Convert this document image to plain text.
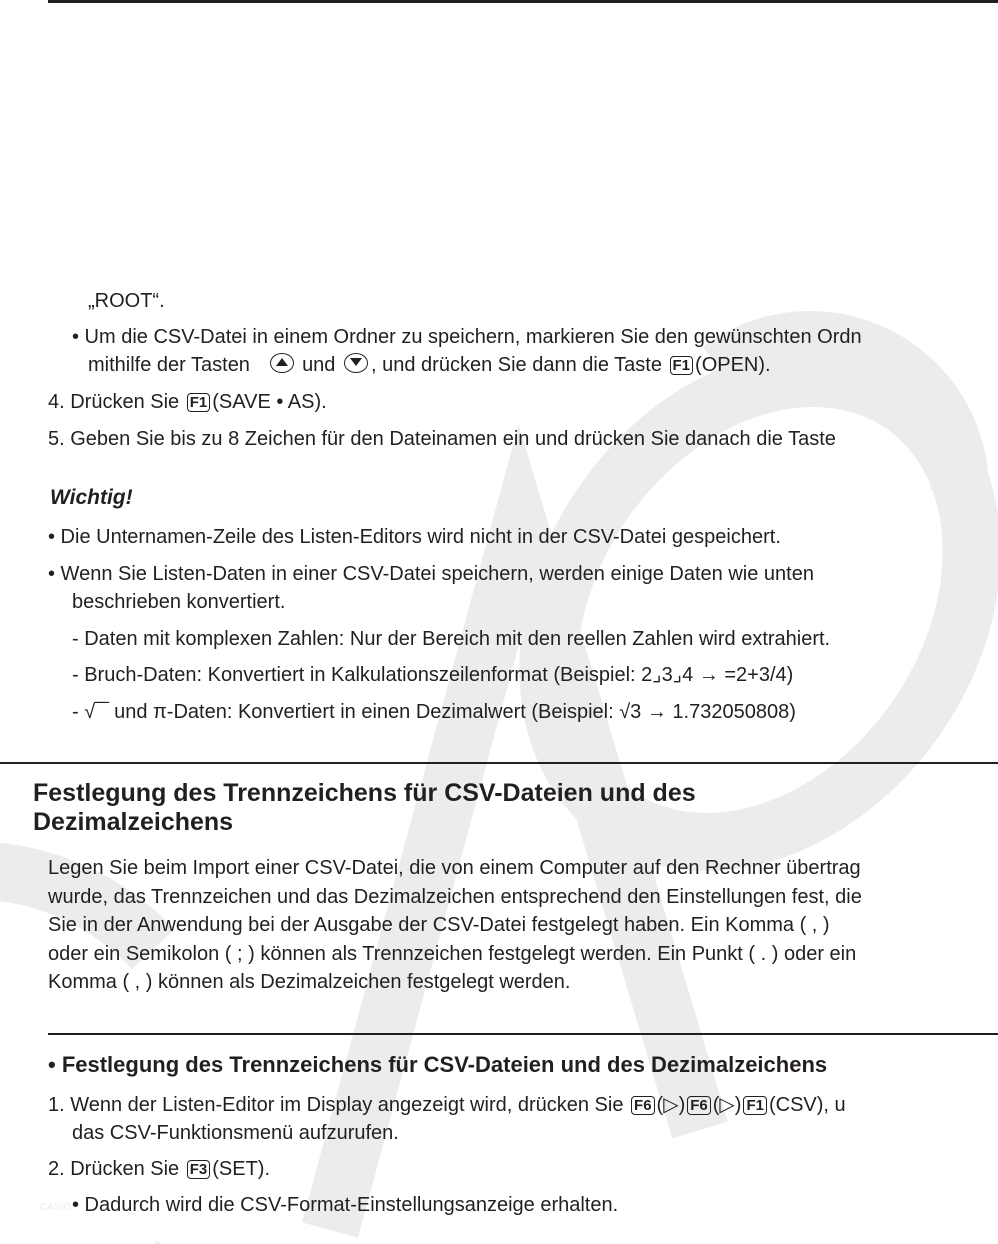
CASIO
„ROOT“.
• Um die CSV-Datei in einem Ordner zu speichern, markieren Sie den gewünschten Ordn
mithilfe der Tasten	und , und drücken Sie dann die Taste F1 (OPEN).
4. Drücken Sie F1 (SAVE • AS).
5. Geben Sie bis zu 8 Zeichen für den Dateinamen ein und drücken Sie danach die Taste
Wichtig!
• Die Unternamen-Zeile des Listen-Editors wird nicht in der CSV-Datei gespeichert.
• Wenn Sie Listen-Daten in einer CSV-Datei speichern, werden einige Daten wie unten
beschrieben konvertiert.
- Daten mit komplexen Zahlen: Nur der Bereich mit den reellen Zahlen wird extrahiert.
- Bruch-Daten: Konvertiert in Kalkulationszeilenformat (Beispiel: 2⌟3⌟4 → =2+3/4)
- √‾‾ und π-Daten: Konvertiert in einen Dezimalwert (Beispiel: √3 → 1.732050808)
Festlegung des Trennzeichens für CSV-Dateien und des
Dezimalzeichens
Legen Sie beim Import einer CSV-Datei, die von einem Computer auf den Rechner übertrag
wurde, das Trennzeichen und das Dezimalzeichen entsprechend den Einstellungen fest, die
Sie in der Anwendung bei der Ausgabe der CSV-Datei festgelegt haben. Ein Komma ( , )
oder ein Semikolon ( ; ) können als Trennzeichen festgelegt werden. Ein Punkt ( . ) oder ein
Komma ( , ) können als Dezimalzeichen festgelegt werden.
• Festlegung des Trennzeichens für CSV-Dateien und des Dezimalzeichens
1. Wenn der Listen-Editor im Display angezeigt wird, drücken Sie F6 (▷) F6 (▷) F1 (CSV), u
das CSV-Funktionsmenü aufzurufen.
2. Drücken Sie F3 (SET).
• Dadurch wird die CSV-Format-Einstellungsanzeige erhalten.
